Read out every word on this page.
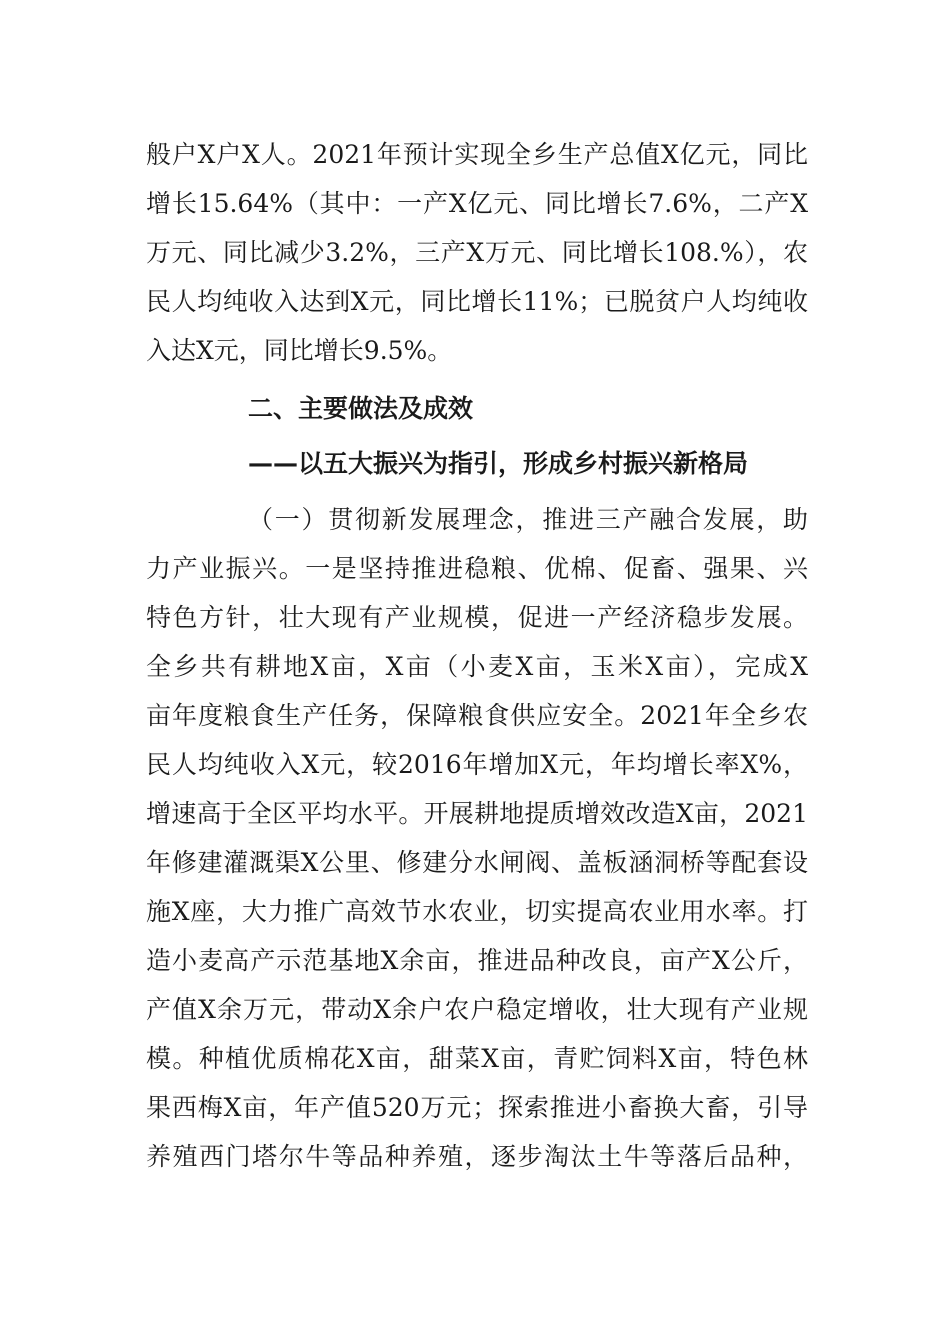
般户X户X人。2021年预计实现全乡生产总值X亿元，同比
增长15.64%（其中：一产X亿元、同比增长7.6%，二产X
万元、同比减少3.2%，三产X万元、同比增长108.%），农
民人均纯收入达到X元，同比增长11%；已脱贫户人均纯收
入达X元，同比增长9.5%。
二、主要做法及成效
——以五大振兴为指引，形成乡村振兴新格局
（一）贯彻新发展理念，推进三产融合发展，助
力产业振兴。一是坚持推进稳粮、优棉、促畜、强果、兴
特色方针，壮大现有产业规模，促进一产经济稳步发展。
全乡共有耕地X亩，X亩（小麦X亩，玉米X亩），完成X
亩年度粮食生产任务，保障粮食供应安全。2021年全乡农
民人均纯收入X元，较2016年增加X元，年均增长率X%，
增速高于全区平均水平。开展耕地提质增效改造X亩，2021
年修建灌溉渠X公里、修建分水闸阀、盖板涵洞桥等配套设
施X座，大力推广高效节水农业，切实提高农业用水率。打
造小麦高产示范基地X余亩，推进品种改良，亩产X公斤，
产值X余万元，带动X余户农户稳定增收，壮大现有产业规
模。种植优质棉花X亩，甜菜X亩，青贮饲料X亩，特色林
果西梅X亩，年产值520万元；探索推进小畜换大畜，引导
养殖西门塔尔牛等品种养殖，逐步淘汰土牛等落后品种，
